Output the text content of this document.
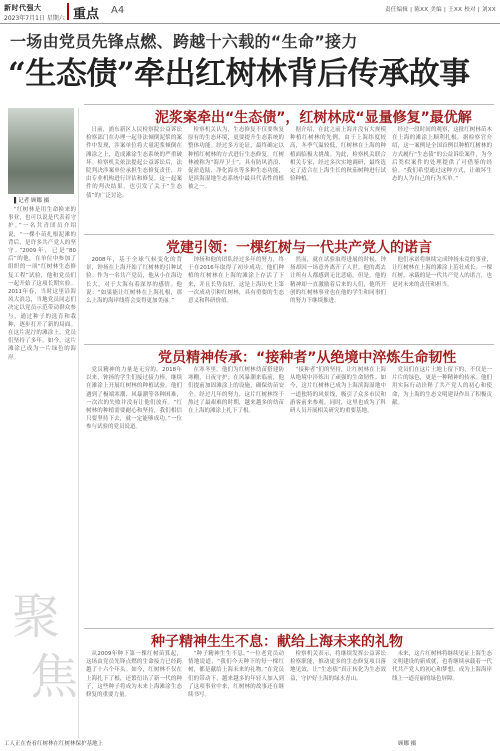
新时代强大
2023年7月1日 星期六 重点 A4	责任编辑 | 陈XX 美编 | 王XX 校对 | 刘XX
一场由党员先锋点燃、跨越十六载的“生命”接力
“生态债”牵出红树林背后传承故事
▌记者 顾娜 摄

“红树林是用生命换来的事业，也可以说是代表着守护。”一名共青团员介绍说，“一棵小苗扎根泥滩的背后，是许多共产党人的坚守。”2009年，已是“80后”的他，在单位中参加了组织的一项“红树林生态修复工程”试验，他和党员们一起开始了这项长期实验。2011年春，当时这里沿海风大浪急，当地党员同志们决定以党员示范带动群众参与，通过种子的选育和栽种，逐步打开了新的局面。在这片泥泞的滩涂上，党员们坚持了多年。如今，这片滩涂已成为一片绿色的海岸。

聚
焦
泥浆案牵出“生态债”，红树林成“显量修复”最优解

日前，浦东新区人民检察院公益诉讼检察部门在办理一起非法倾倒泥浆的案件中发现，涉案单位将大量泥浆倾倒在滩涂之上，造成滩涂生态系统的严重破坏。检察机关依法提起公益诉讼后，法院判决涉案单位承担生态修复责任，并由专业机构进行评估和修复。这一起案件的判决结果，也引发了关于“生态债”的广泛讨论。

检察机关认为，生态修复不仅要恢复原有的生态环境，更要提升生态系统的整体功能。经过多方论证，最终确定以种植红树林的方式进行生态修复。红树林被称为“海岸卫士”，具有防风消浪、促淤造陆、净化海水等多种生态功能，是滨海湿地生态系统中最具代表性的植被之一。

据介绍，在此之前上海并没有大规模种植红树林的先例。由于上海纬度较高，冬季气温较低，红树林在上海的种植面临极大挑战。为此，检察机关联合相关专家，经过多次实地调研，最终选定了适合在上海生长的秋茄树种进行试验种植。

经过一段时间的观察，这批红树林苗木在上海的滩涂上顺利扎根。据检察官介绍，这一案例是全国首例以种植红树林的方式履行“生态债”的公益诉讼案件，为今后类似案件的处理提供了可借鉴的经验。“我们希望通过这种方式，让破坏生态的人为自己的行为买单。”

党建引领：一棵红树与一代共产党人的诺言

2008年，基于全球气候变化的背景，钟扬在上海开始了红树林的引种试验。作为一名共产党员，他从小在海边长大，对于大海有着深厚的感情。他说：“如果能让红树林在上海扎根，那么上海的海岸线将会变得更加美丽。”

钟扬和他的团队经过多年的努力，终于在2016年取得了初步成功。他们种植的红树林在上海的滩涂上存活了下来，并且长势良好。这是上海历史上第一次成功引种红树林，具有重要的生态意义和科研价值。

然而，就在试验取得进展的时候，钟扬却因一场意外离开了人世。他的离去让所有人都感到无比悲痛。但是，他的精神却一直激励着后来的人们，他所开创的红树林事业也在他的学生和同事们的努力下继续推进。

他们承诺将继续完成钟扬未竟的事业，让红树林在上海的滩涂上茁壮成长。一棵红树，承载的是一代共产党人的诺言，也是对未来的责任和担当。

党员精神传承：“接种者”从绝境中淬炼生命韧性

党员精神的力量是无穷的。2018年以来，钟扬的学生们接过接力棒，继续在滩涂上开展红树林的种植试验。他们遇到了极端寒潮、风暴潮等各种困难，一次次的失败并没有让他们放弃。“红树林的种植需要耐心和坚持，我们相信只要坚持下去，就一定能够成功。”一位参与试验的党员说道。

在寒冬里，他们为红树林幼苗搭建防寒棚，日夜守护；在风暴潮来临前，他们提前加固滩涂上的设施，确保幼苗安全。经过几年的努力，这片红树林终于熬过了最艰难的时期，越来越多的幼苗在上海的滩涂上扎下了根。

“接种者”们的坚持，让红树林在上海从绝境中淬炼出了顽强的生命韧性。如今，这片红树林已成为上海滨海湿地中一道独特的风景线，吸引了众多市民和游客前来参观。同时，这里也成为了科研人员开展相关研究的重要基地。

党员们在这片土地上留下的，不仅是一片片的绿色，更是一种精神的传承。他们用实际行动诠释了共产党人的初心和使命，为上海的生态文明建设作出了积极贡献。

种子精神生生不息：献给上海未来的礼物

从2009年种下第一棵红树苗算起，这场由党员先锋点燃的生命接力已经跨越了十六个年头。如今，红树林不仅在上海扎下了根，还繁衍出了新一代的种子，这些种子将成为未来上海滩涂生态修复的重要力量。

“种子精神生生不息。”一位老党员动情地说道，“我们今天种下的每一棵红树，都是献给上海未来的礼物。”在党员们的带动下，越来越多的年轻人加入到了这项事业中来，红树林的故事还在继续书写。

检察机关表示，将继续发挥公益诉讼检察职能，推动更多的生态修复项目落地见效，让“生态债”真正转化为生态效益，守护好上海的绿水青山。

未来，这片红树林将继续见证上海生态文明建设的新成就，也将继续承载着一代代共产党人的初心和梦想，成为上海海岸线上一道亮丽的绿色屏障。

工人正在查看红树林在红树林保护基地上	顾娜 摄
